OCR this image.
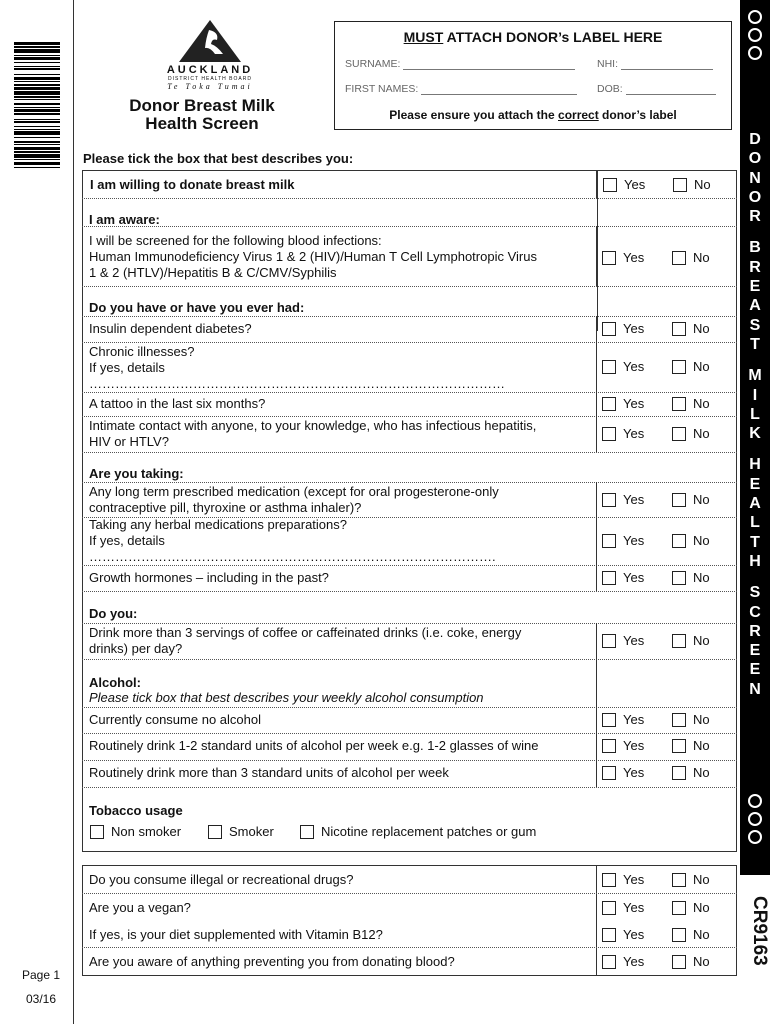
Page 1
03/16
AUCKLAND
DISTRICT HEALTH BOARD
Te Toka Tumai
Donor Breast Milk
Health Screen
MUST ATTACH DONOR’s LABEL HERE
SURNAME:	NHI:
FIRST NAMES:	DOB:
Please ensure you attach the correct donor’s label
D
O
N
O
R
B
R
E
A
S
T
M
I
L
K
H
E
A
L
T
H
S
C
R
E
E
N
CR9163
Please tick the box that best describes you:
I am willing to donate breast milk	Yes	No
I am aware:
I will be screened for the following blood infections:
Human Immunodeficiency Virus 1 & 2 (HIV)/Human T Cell Lymphotropic Virus
1 & 2 (HTLV)/Hepatitis B & C/CMV/Syphilis
Yes	No
Do you have or have you ever had:
Insulin dependent diabetes?	Yes	No
Chronic illnesses?
If yes, details
……………………………………………………………………………………
Yes	No
A tattoo in the last six months?	Yes	No
Intimate contact with anyone, to your knowledge, who has infectious hepatitis,
HIV or HTLV?
Yes	No
Are you taking:
Any long term prescribed medication (except for oral progesterone-only
contraceptive pill, thyroxine or asthma inhaler)?
Yes	No
Taking any herbal medications preparations?
If yes, details
………………………………………………………………………………….
Yes	No
Growth hormones – including in the past?	Yes	No
Do you:
Drink more than 3 servings of coffee or caffeinated drinks (i.e. coke, energy
drinks) per day?
Yes	No
Alcohol:
Please tick box that best describes your weekly alcohol consumption
Currently consume no alcohol	Yes	No
Routinely drink 1-2 standard units of alcohol per week e.g. 1-2 glasses of wine	Yes	No
Routinely drink more than 3 standard units of alcohol per week	Yes	No
Tobacco usage
Non smoker	Smoker	Nicotine replacement patches or gum
Do you consume illegal or recreational drugs?	Yes	No
Are you a vegan?	Yes	No
If yes, is your diet supplemented with Vitamin B12?	Yes	No
Are you aware of anything preventing you from donating blood?	Yes	No
